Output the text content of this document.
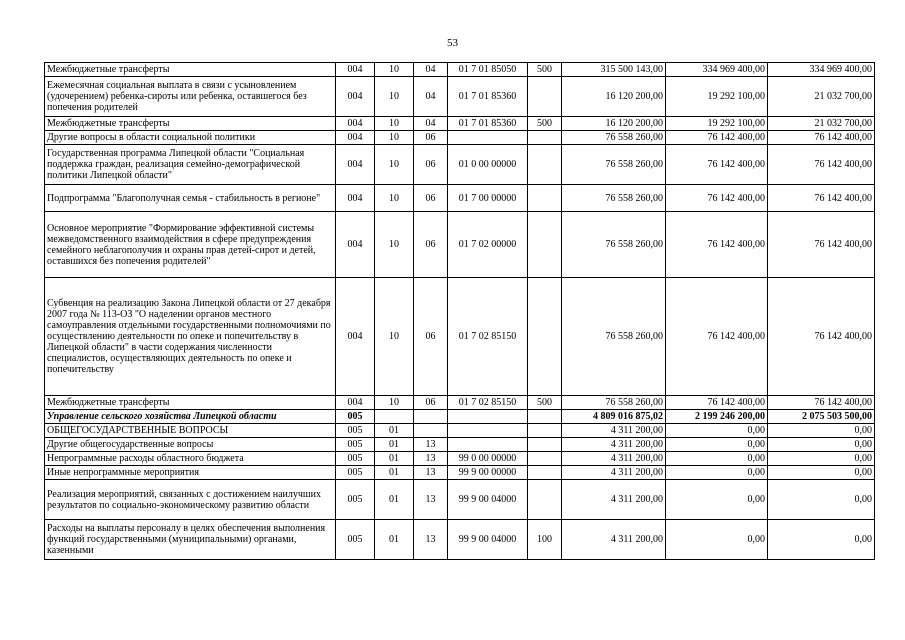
53
Межбюджетные трансферты	004	10	04	01 7 01 85050	500	315 500 143,00	334 969 400,00	334 969 400,00
Ежемесячная социальная выплата в связи с усыновлением (удочерением) ребенка-сироты или ребенка, оставшегося без попечения родителей	004	10	04	01 7 01 85360		16 120 200,00	19 292 100,00	21 032 700,00
Межбюджетные трансферты	004	10	04	01 7 01 85360	500	16 120 200,00	19 292 100,00	21 032 700,00
Другие вопросы в области социальной политики	004	10	06			76 558 260,00	76 142 400,00	76 142 400,00
Государственная программа Липецкой области "Социальная поддержка граждан, реализация семейно-демографической политики Липецкой области"	004	10	06	01 0 00 00000		76 558 260,00	76 142 400,00	76 142 400,00
Подпрограмма "Благополучная семья - стабильность в регионе"	004	10	06	01 7 00 00000		76 558 260,00	76 142 400,00	76 142 400,00
Основное мероприятие "Формирование эффективной системы межведомственного взаимодействия в сфере предупреждения семейного неблагополучия и охраны прав детей-сирот и детей, оставшихся без попечения родителей"	004	10	06	01 7 02 00000		76 558 260,00	76 142 400,00	76 142 400,00
Субвенция на реализацию Закона Липецкой области от 27 декабря 2007 года № 113-ОЗ "О наделении органов местного самоуправления отдельными государственными полномочиями по осуществлению деятельности по опеке и попечительству в Липецкой области" в части содержания численности специалистов, осуществляющих деятельность по опеке и попечительству	004	10	06	01 7 02 85150		76 558 260,00	76 142 400,00	76 142 400,00
Межбюджетные трансферты	004	10	06	01 7 02 85150	500	76 558 260,00	76 142 400,00	76 142 400,00
Управление сельского хозяйства Липецкой области	005					4 809 016 875,02	2 199 246 200,00	2 075 503 500,00
ОБЩЕГОСУДАРСТВЕННЫЕ ВОПРОСЫ	005	01				4 311 200,00	0,00	0,00
Другие общегосударственные вопросы	005	01	13			4 311 200,00	0,00	0,00
Непрограммные расходы областного бюджета	005	01	13	99 0 00 00000		4 311 200,00	0,00	0,00
Иные непрограммные мероприятия	005	01	13	99 9 00 00000		4 311 200,00	0,00	0,00
Реализация мероприятий, связанных с достижением наилучших результатов по социально-экономическому развитию области	005	01	13	99 9 00 04000		4 311 200,00	0,00	0,00
Расходы на выплаты персоналу в целях обеспечения выполнения функций государственными (муниципальными) органами, казенными	005	01	13	99 9 00 04000	100	4 311 200,00	0,00	0,00
